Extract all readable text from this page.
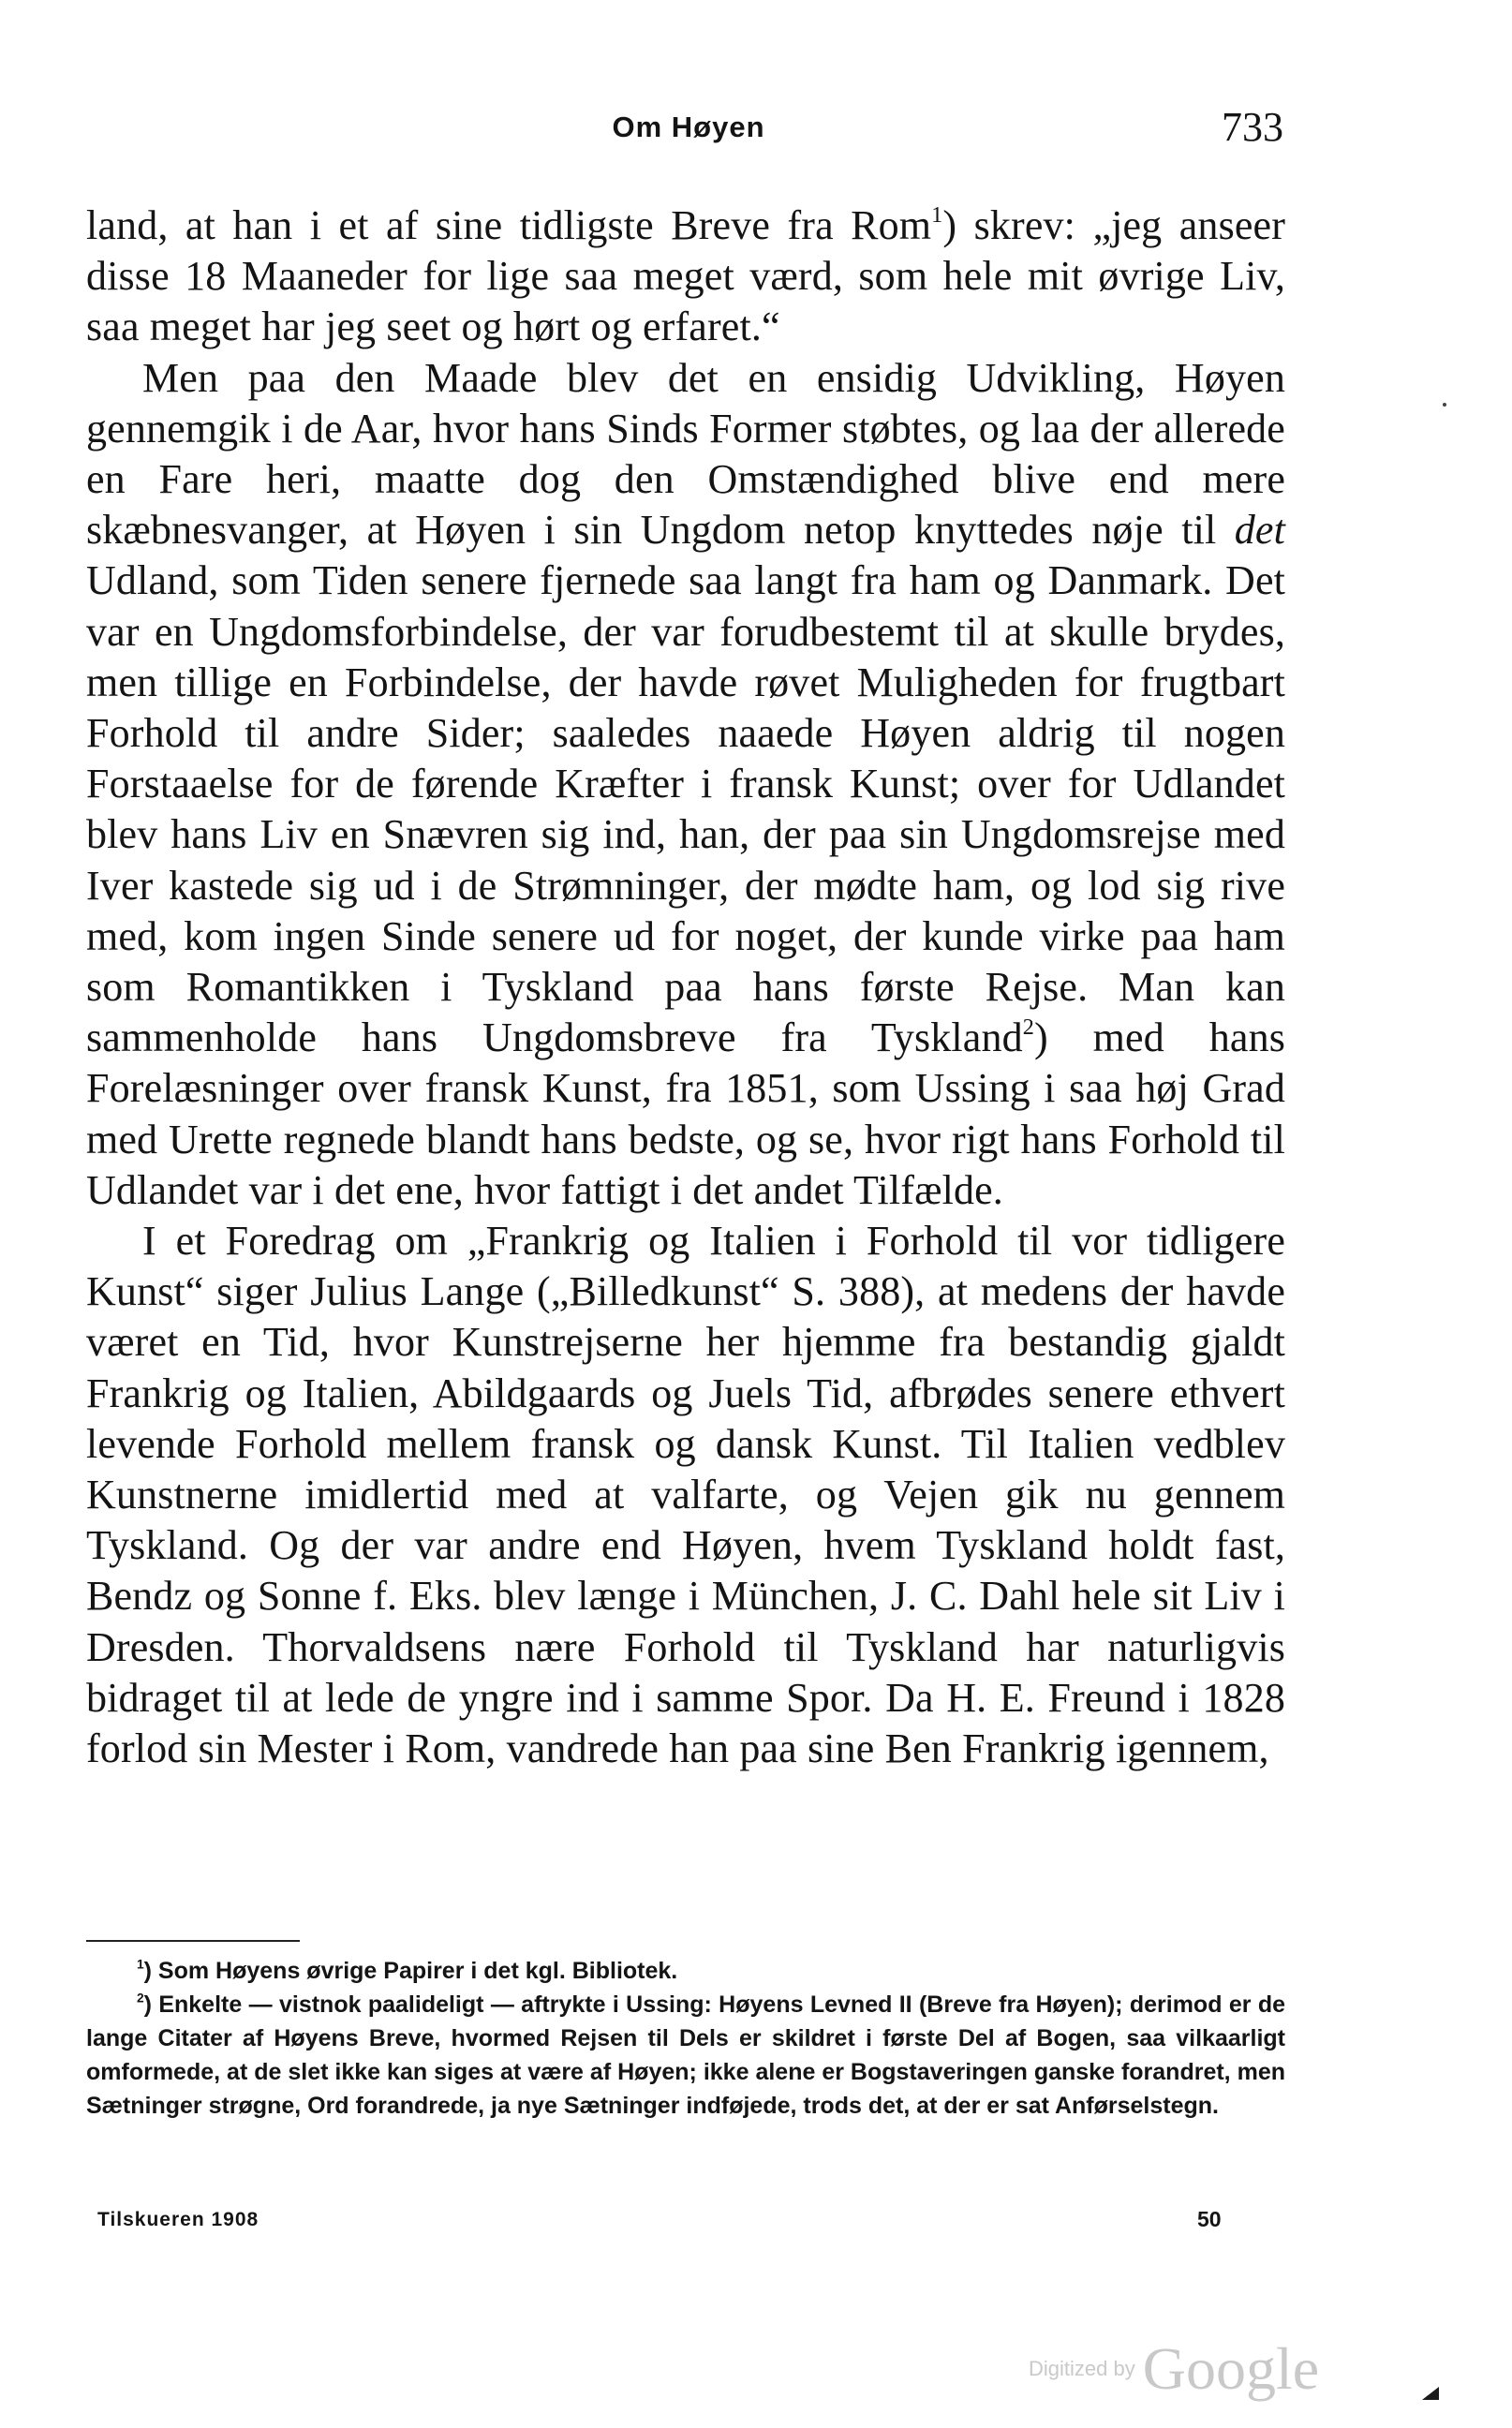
Om Høyen	733

land, at han i et af sine tidligste Breve fra Rom$^1$) skrev: „jeg anseer disse 18 Maaneder for lige saa meget værd, som hele mit øvrige Liv, saa meget har jeg seet og hørt og erfaret.“

Men paa den Maade blev det en ensidig Udvikling, Høyen gennemgik i de Aar, hvor hans Sinds Former støbtes, og laa der allerede en Fare heri, maatte dog den Omstændighed blive end mere skæbnesvanger, at Høyen i sin Ungdom netop knyttedes nøje til det Udland, som Tiden senere fjernede saa langt fra ham og Danmark. Det var en Ungdomsforbindelse, der var forudbestemt til at skulle brydes, men tillige en Forbindelse, der havde røvet Muligheden for frugtbart Forhold til andre Sider; saaledes naaede Høyen aldrig til nogen Forstaaelse for de førende Kræfter i fransk Kunst; over for Udlandet blev hans Liv en Snævren sig ind, han, der paa sin Ungdomsrejse med Iver kastede sig ud i de Strømninger, der mødte ham, og lod sig rive med, kom ingen Sinde senere ud for noget, der kunde virke paa ham som Romantikken i Tyskland paa hans første Rejse. Man kan sammenholde hans Ungdomsbreve fra Tyskland$^2$) med hans Forelæsninger over fransk Kunst, fra 1851, som Ussing i saa høj Grad med Urette regnede blandt hans bedste, og se, hvor rigt hans Forhold til Udlandet var i det ene, hvor fattigt i det andet Tilfælde.

I et Foredrag om „Frankrig og Italien i Forhold til vor tidligere Kunst“ siger Julius Lange („Billedkunst“ S. 388), at medens der havde været en Tid, hvor Kunstrejserne her hjemme fra bestandig gjaldt Frankrig og Italien, Abildgaards og Juels Tid, afbrødes senere ethvert levende Forhold mellem fransk og dansk Kunst. Til Italien vedblev Kunstnerne imidlertid med at valfarte, og Vejen gik nu gennem Tyskland. Og der var andre end Høyen, hvem Tyskland holdt fast, Bendz og Sonne f. Eks. blev længe i München, J. C. Dahl hele sit Liv i Dresden. Thorvaldsens nære Forhold til Tyskland har naturligvis bidraget til at lede de yngre ind i samme Spor. Da H. E. Freund i 1828 forlod sin Mester i Rom, vandrede han paa sine Ben Frankrig igennem,

$^1$) Som Høyens øvrige Papirer i det kgl. Bibliotek.

$^2$) Enkelte — vistnok paalideligt — aftrykte i Ussing: Høyens Levned II (Breve fra Høyen); derimod er de lange Citater af Høyens Breve, hvormed Rejsen til Dels er skildret i første Del af Bogen, saa vilkaarligt omformede, at de slet ikke kan siges at være af Høyen; ikke alene er Bogstaveringen ganske forandret, men Sætninger strøgne, Ord forandrede, ja nye Sætninger indføjede, trods det, at der er sat Anførselstegn.

Tilskueren 1908	50
Digitized by Google
